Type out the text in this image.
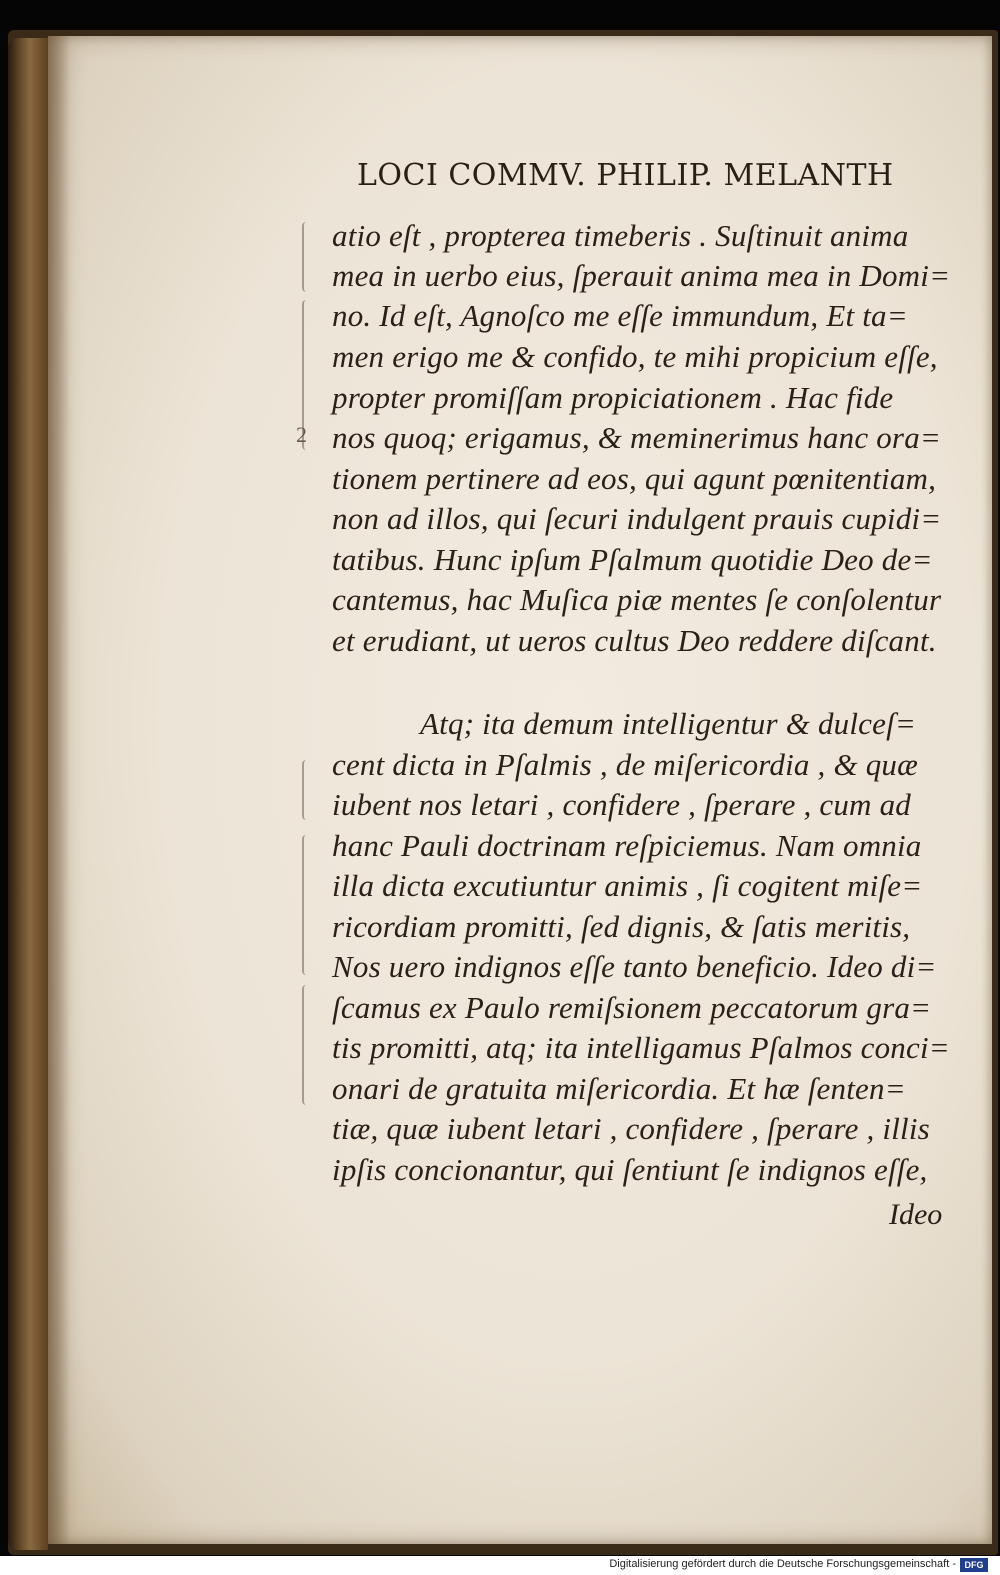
LOCI COMMV. PHILIP. MELANTH
2
atio eſt , propterea timeberis . Suſtinuit anima
mea in uerbo eius, ſperauit anima mea in Domi=
no. Id eſt, Agnoſco me eſſe immundum, Et ta=
men erigo me & confido, te mihi propicium eſſe,
propter promiſſam propiciationem . Hac fide
nos quoq; erigamus, & meminerimus hanc ora=
tionem pertinere ad eos, qui agunt pœnitentiam,
non ad illos, qui ſecuri indulgent prauis cupidi=
tatibus. Hunc ipſum Pſalmum quotidie Deo de=
cantemus, hac Muſica piæ mentes ſe conſolentur
et erudiant, ut ueros cultus Deo reddere diſcant.
Atq; ita demum intelligentur & dulceſ=
cent dicta in Pſalmis , de miſericordia , & quæ
iubent nos letari , confidere , ſperare , cum ad
hanc Pauli doctrinam reſpiciemus. Nam omnia
illa dicta excutiuntur animis , ſi cogitent miſe=
ricordiam promitti, ſed dignis, & ſatis meritis,
Nos uero indignos eſſe tanto beneficio. Ideo di=
ſcamus ex Paulo remiſsionem peccatorum gra=
tis promitti, atq; ita intelligamus Pſalmos conci=
onari de gratuita miſericordia. Et hæ ſenten=
tiæ, quæ iubent letari , confidere , ſperare , illis
ipſis concionantur, qui ſentiunt ſe indignos eſſe,
Ideo
Digitalisierung gefördert durch die Deutsche Forschungsgemeinschaft - DFG
